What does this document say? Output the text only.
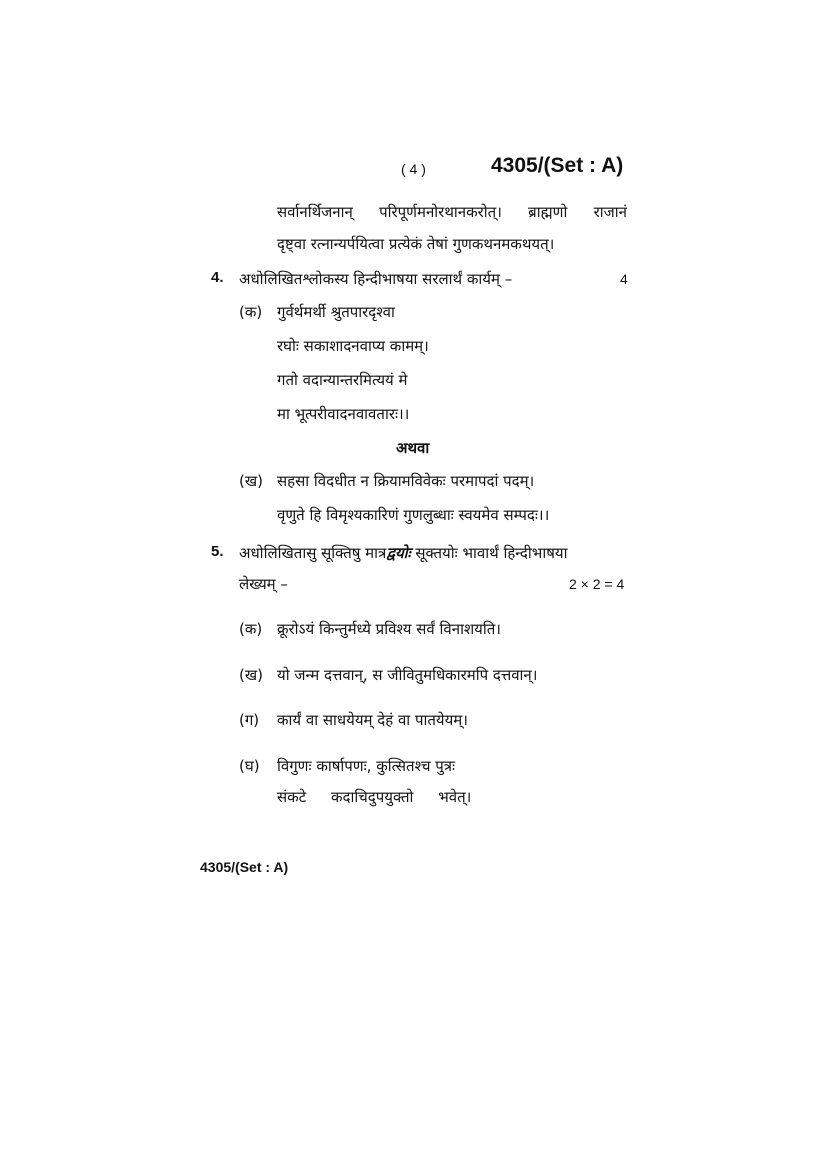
( 4 )	4305/(Set : A)
सर्वानर्थिजनान् परिपूर्णमनोरथानकरोत्। ब्राह्मणो राजानं
दृष्ट्वा रत्नान्यर्पयित्वा प्रत्येकं तेषां गुणकथनमकथयत्।
4. अधोलिखितश्लोकस्य हिन्दीभाषया सरलार्थं कार्यम् –	4
(क) गुर्वर्थमर्थी श्रुतपारदृश्वा
रघोः सकाशादनवाप्य कामम्।
गतो वदान्यान्तरमित्ययं मे
मा भूत्परीवादनवावतारः।।
अथवा
(ख) सहसा विदधीत न क्रियामविवेकः परमापदां पदम्।
वृणुते हि विमृश्यकारिणं गुणलुब्धाः स्वयमेव सम्पदः।।
5. अधोलिखितासु सूक्तिषु मात्रद्वयोः सूक्तयोः भावार्थं हिन्दीभाषया
लेख्यम् –	2 × 2 = 4
(क) क्रूरोऽयं किन्तुर्मध्ये प्रविश्य सर्वं विनाशयति।
(ख) यो जन्म दत्तवान्, स जीवितुमधिकारमपि दत्तवान्।
(ग) कार्यं वा साधयेयम् देहं वा पातयेयम्।
(घ) विगुणः कार्षापणः, कुत्सितश्च पुत्रः
संकटे कदाचिदुपयुक्तो भवेत्।
4305/(Set : A)
